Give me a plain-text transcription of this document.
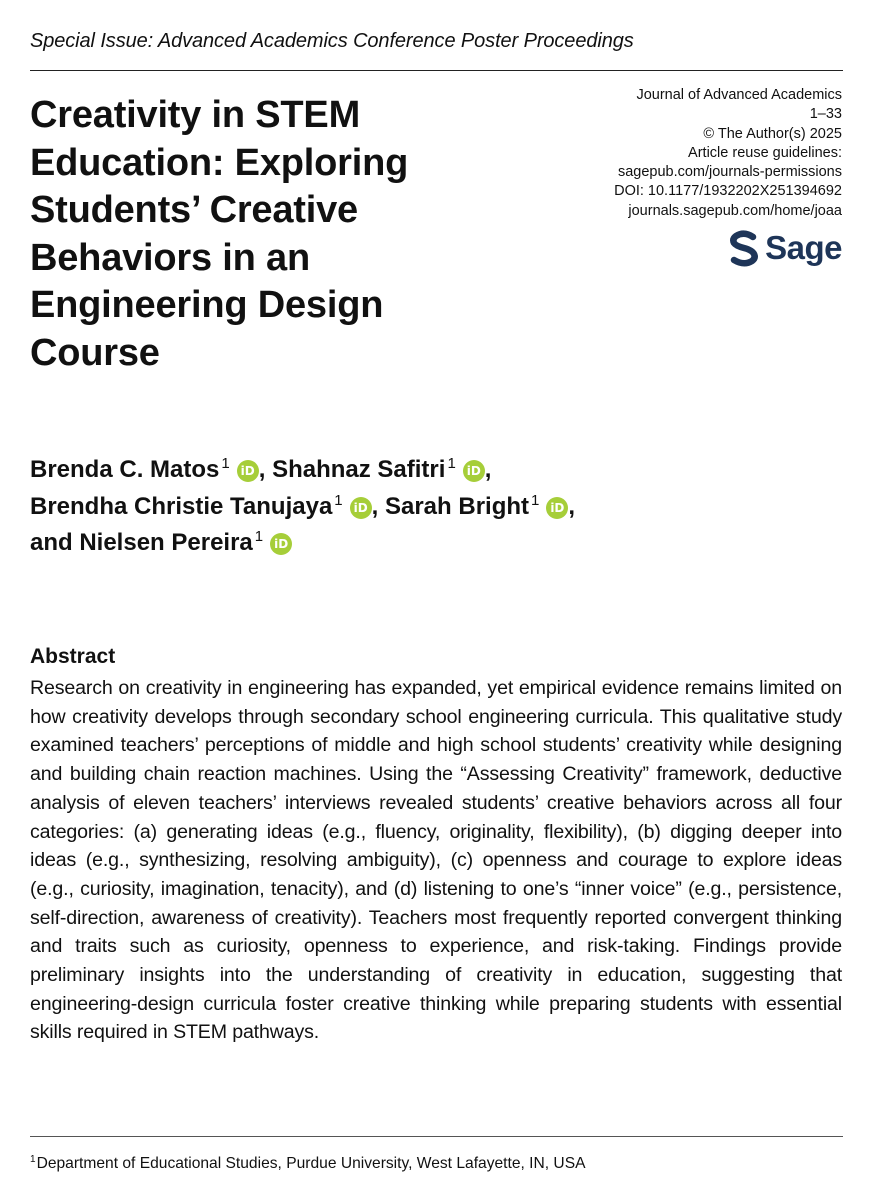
Special Issue: Advanced Academics Conference Poster Proceedings
Creativity in STEM Education: Exploring Students’ Creative Behaviors in an Engineering Design Course
Journal of Advanced Academics
1–33
© The Author(s) 2025
Article reuse guidelines:
sagepub.com/journals-permissions
DOI: 10.1177/1932202X251394692
journals.sagepub.com/home/joaa
Sage
Brenda C. Matos $^1$ iD , Shahnaz Safitri $^1$ iD ,
Brendha Christie Tanujaya $^1$ iD , Sarah Bright $^1$ iD ,
and Nielsen Pereira $^1$ iD
Abstract

Research on creativity in engineering has expanded, yet empirical evidence remains limited on how creativity develops through secondary school engineering curricula. This qualitative study examined teachers’ perceptions of middle and high school students’ creativity while designing and building chain reaction machines. Using the “Assessing Creativity” framework, deductive analysis of eleven teachers’ interviews revealed students’ creative behaviors across all four categories: (a) generating ideas (e.g., fluency, originality, flexibility), (b) digging deeper into ideas (e.g., synthesizing, resolving ambiguity), (c) openness and courage to explore ideas (e.g., curiosity, imagination, tenacity), and (d) listening to one’s “inner voice” (e.g., persistence, self-direction, awareness of creativity). Teachers most frequently reported convergent thinking and traits such as curiosity, openness to experience, and risk-taking. Findings provide preliminary insights into the understanding of creativity in education, suggesting that engineering-design curricula foster creative thinking while preparing students with essential skills required in STEM pathways.

$^1$Department of Educational Studies, Purdue University, West Lafayette, IN, USA
